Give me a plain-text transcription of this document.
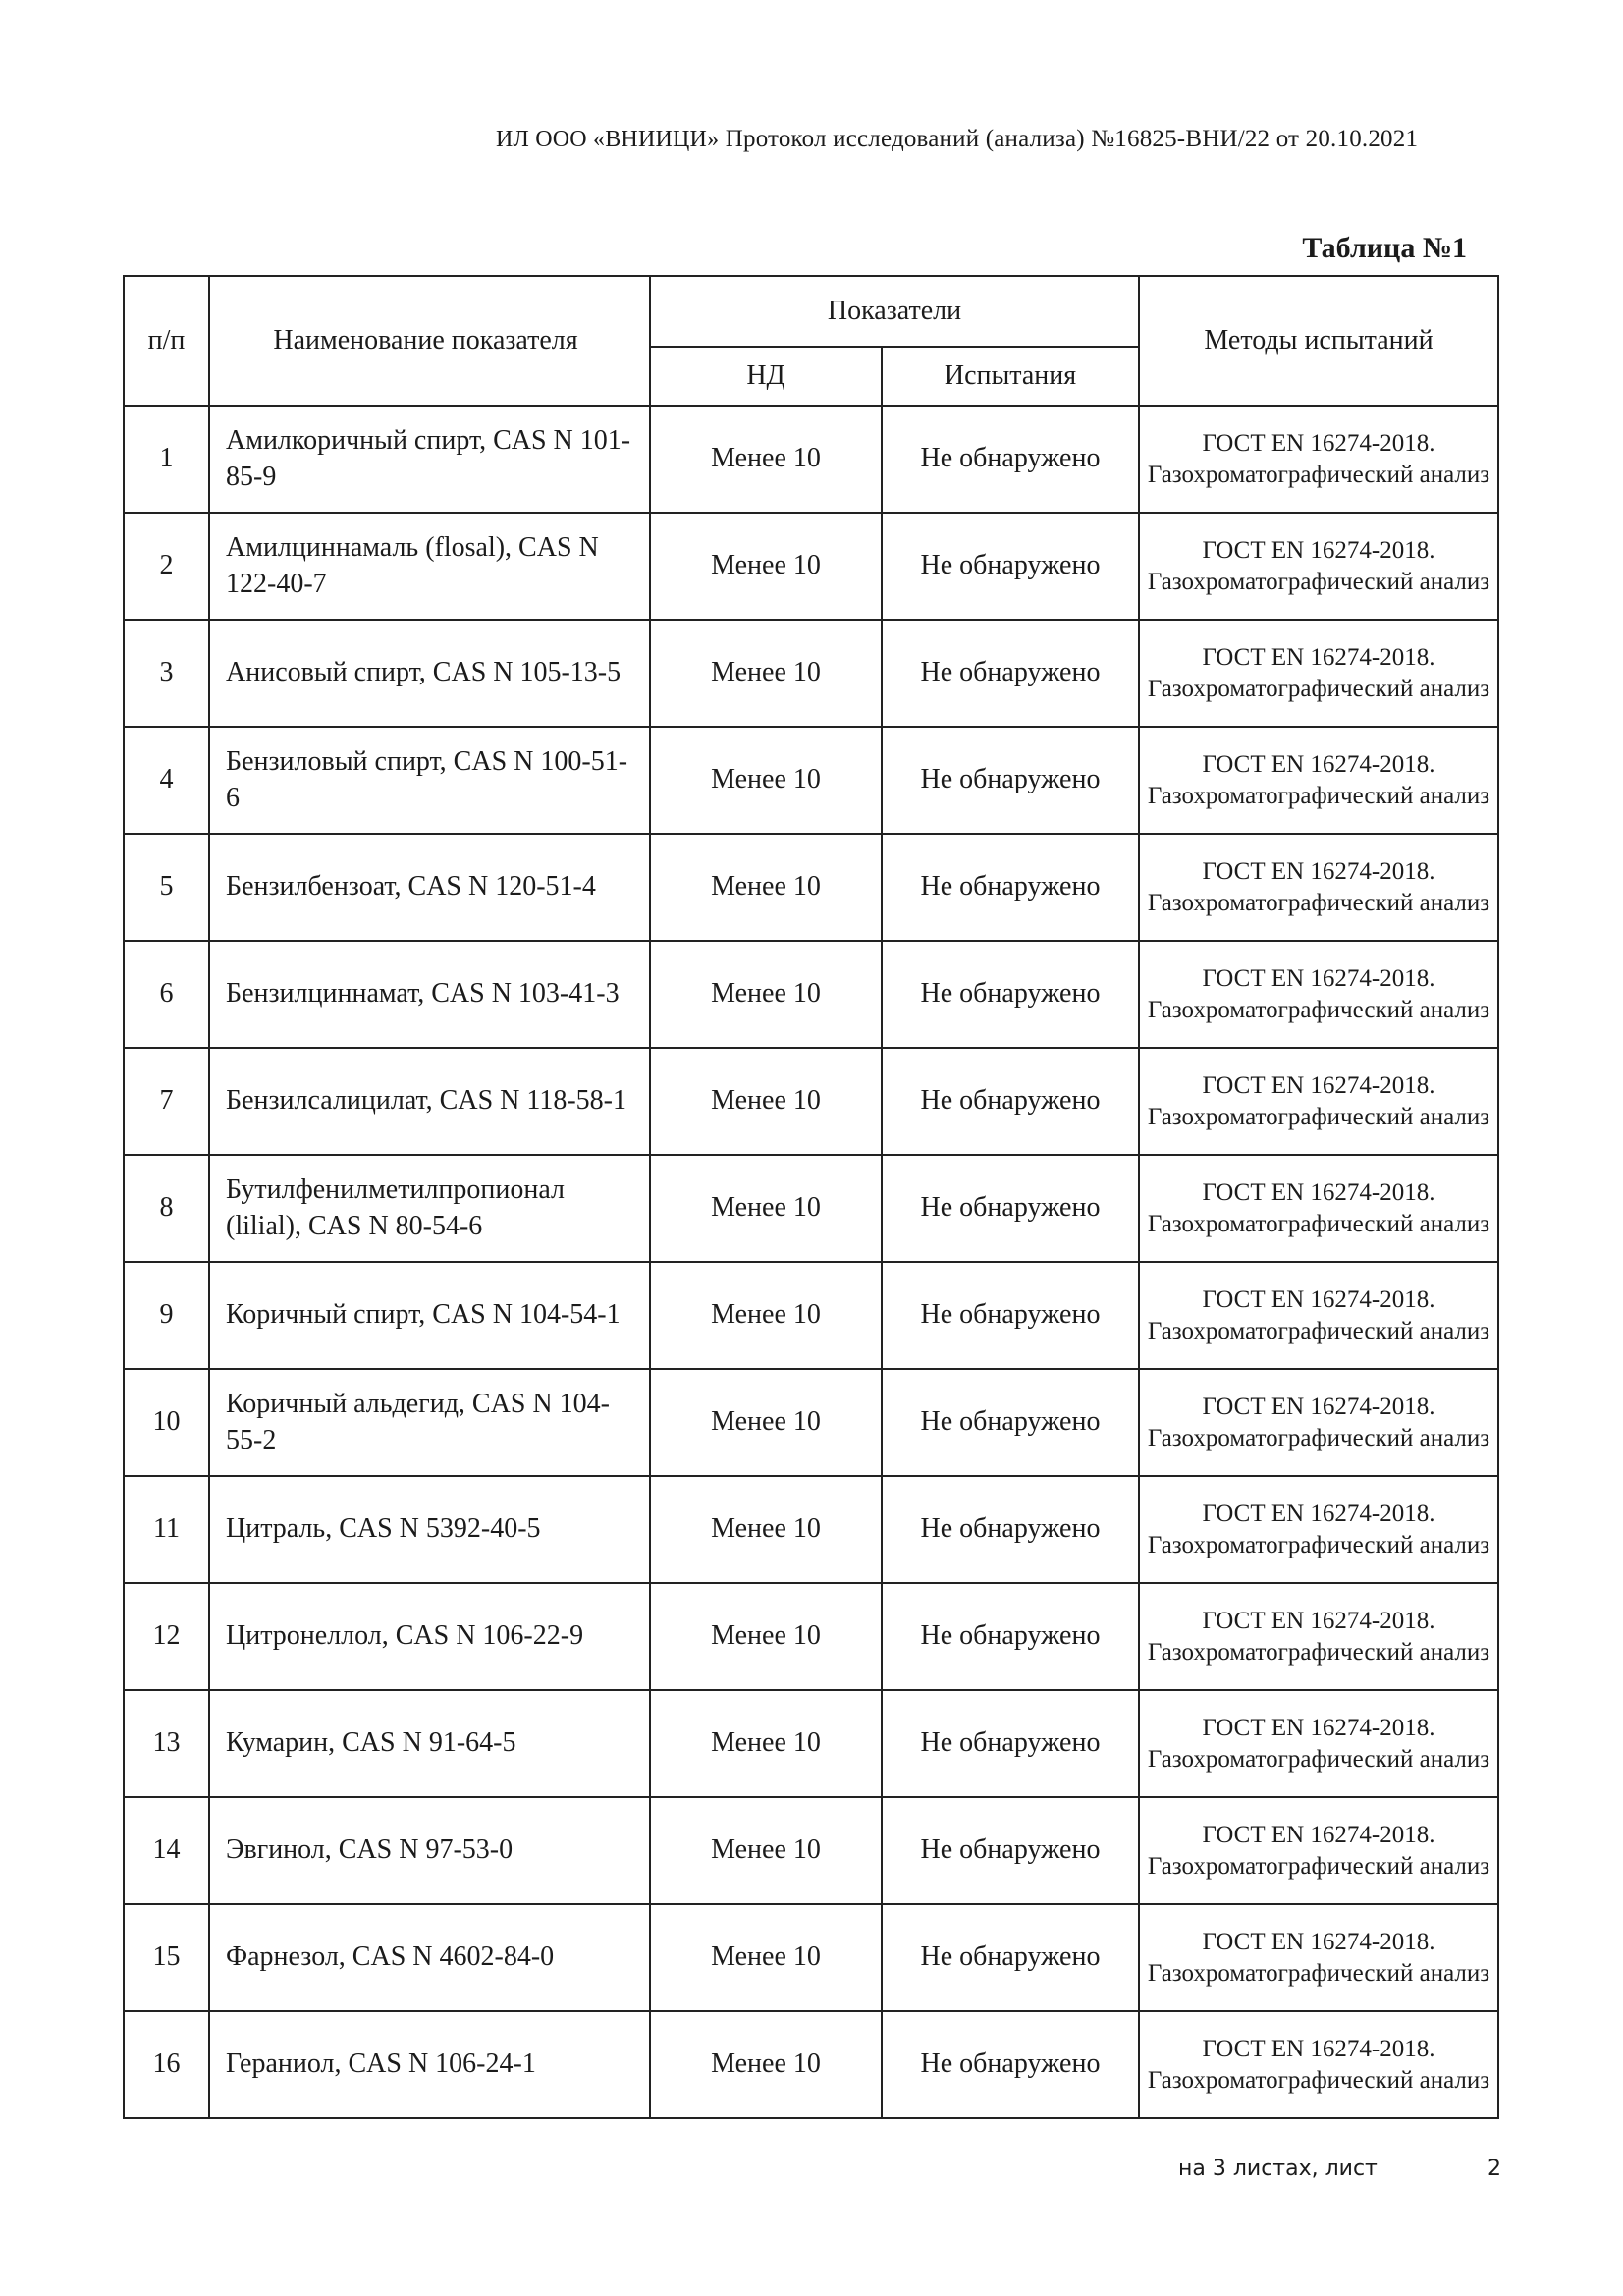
ИЛ ООО «ВНИИЦИ» Протокол исследований (анализа) №16825-ВНИ/22 от 20.10.2021
Таблица №1
п/п	Наименование показателя	Показатели		Методы испытаний
		НД	Испытания	
1	Амилкоричный спирт, CAS N 101-85-9	Менее 10	Не обнаружено	ГОСТ EN 16274-2018. Газохроматографический анализ
2	Амилциннамаль (flosal), CAS N 122-40-7	Менее 10	Не обнаружено	ГОСТ EN 16274-2018. Газохроматографический анализ
3	Анисовый спирт, CAS N 105-13-5	Менее 10	Не обнаружено	ГОСТ EN 16274-2018. Газохроматографический анализ
4	Бензиловый спирт, CAS N 100-51-6	Менее 10	Не обнаружено	ГОСТ EN 16274-2018. Газохроматографический анализ
5	Бензилбензоат, CAS N 120-51-4	Менее 10	Не обнаружено	ГОСТ EN 16274-2018. Газохроматографический анализ
6	Бензилциннамат, CAS N 103-41-3	Менее 10	Не обнаружено	ГОСТ EN 16274-2018. Газохроматографический анализ
7	Бензилсалицилат, CAS N 118-58-1	Менее 10	Не обнаружено	ГОСТ EN 16274-2018. Газохроматографический анализ
8	Бутилфенилметилпропионал (lilial), CAS N 80-54-6	Менее 10	Не обнаружено	ГОСТ EN 16274-2018. Газохроматографический анализ
9	Коричный спирт, CAS N 104-54-1	Менее 10	Не обнаружено	ГОСТ EN 16274-2018. Газохроматографический анализ
10	Коричный альдегид, CAS N 104-55-2	Менее 10	Не обнаружено	ГОСТ EN 16274-2018. Газохроматографический анализ
11	Цитраль, CAS N 5392-40-5	Менее 10	Не обнаружено	ГОСТ EN 16274-2018. Газохроматографический анализ
12	Цитронеллол, CAS N 106-22-9	Менее 10	Не обнаружено	ГОСТ EN 16274-2018. Газохроматографический анализ
13	Кумарин, CAS N 91-64-5	Менее 10	Не обнаружено	ГОСТ EN 16274-2018. Газохроматографический анализ
14	Эвгинол, CAS N 97-53-0	Менее 10	Не обнаружено	ГОСТ EN 16274-2018. Газохроматографический анализ
15	Фарнезол, CAS N 4602-84-0	Менее 10	Не обнаружено	ГОСТ EN 16274-2018. Газохроматографический анализ
16	Гераниол, CAS N 106-24-1	Менее 10	Не обнаружено	ГОСТ EN 16274-2018. Газохроматографический анализ
на 3 листах, лист	2
